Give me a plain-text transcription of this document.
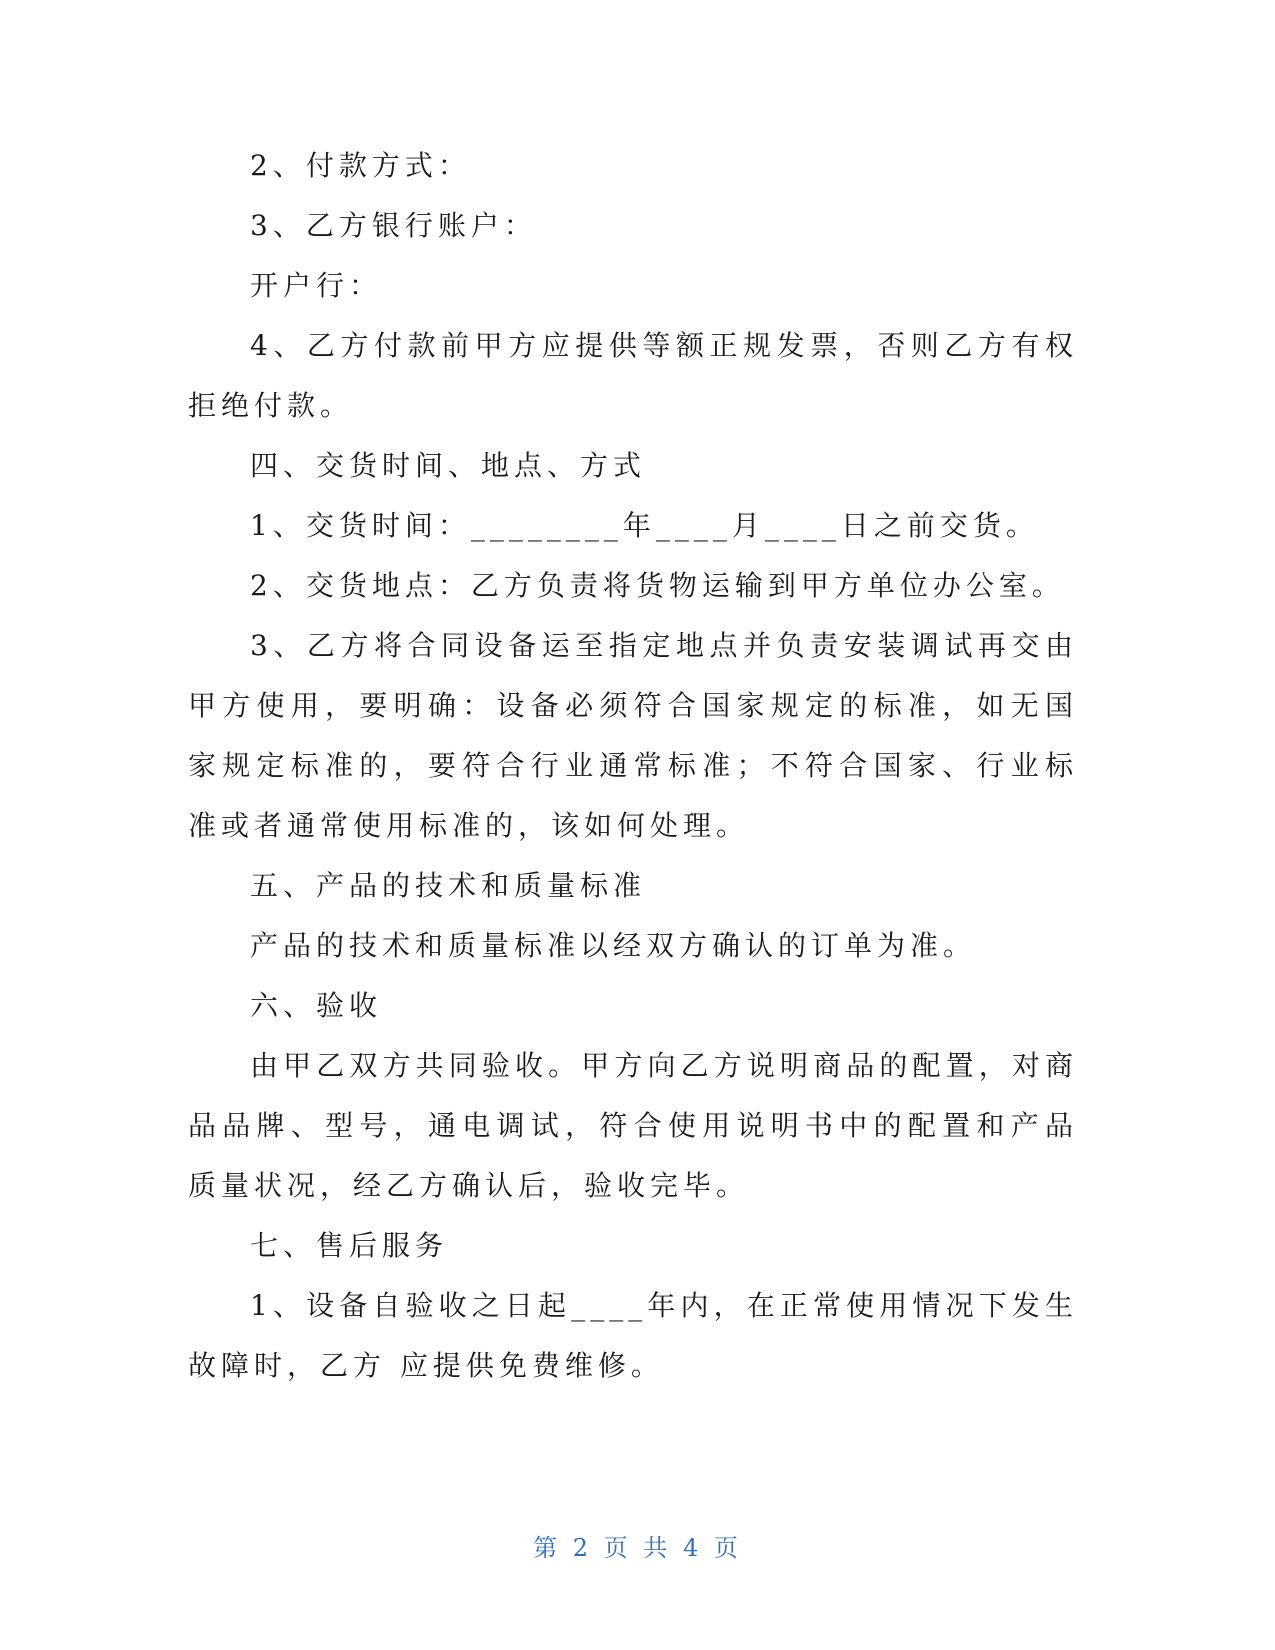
2、付款方式：

3、乙方银行账户：

开户行：

4、乙方付款前甲方应提供等额正规发票，否则乙方有权拒绝付款。

四、交货时间、地点、方式

1、交货时间：________年____月____日之前交货。

2、交货地点：乙方负责将货物运输到甲方单位办公室。

3、乙方将合同设备运至指定地点并负责安装调试再交由甲方使用，要明确：设备必须符合国家规定的标准，如无国家规定标准的，要符合行业通常标准；不符合国家、行业标准或者通常使用标准的，该如何处理。

五、产品的技术和质量标准

产品的技术和质量标准以经双方确认的订单为准。

六、验收

由甲乙双方共同验收。甲方向乙方说明商品的配置，对商品品牌、型号，通电调试，符合使用说明书中的配置和产品质量状况，经乙方确认后，验收完毕。

七、售后服务

1、设备自验收之日起____年内，在正常使用情况下发生故障时，乙方 应提供免费维修。

第 2 页 共 4 页
